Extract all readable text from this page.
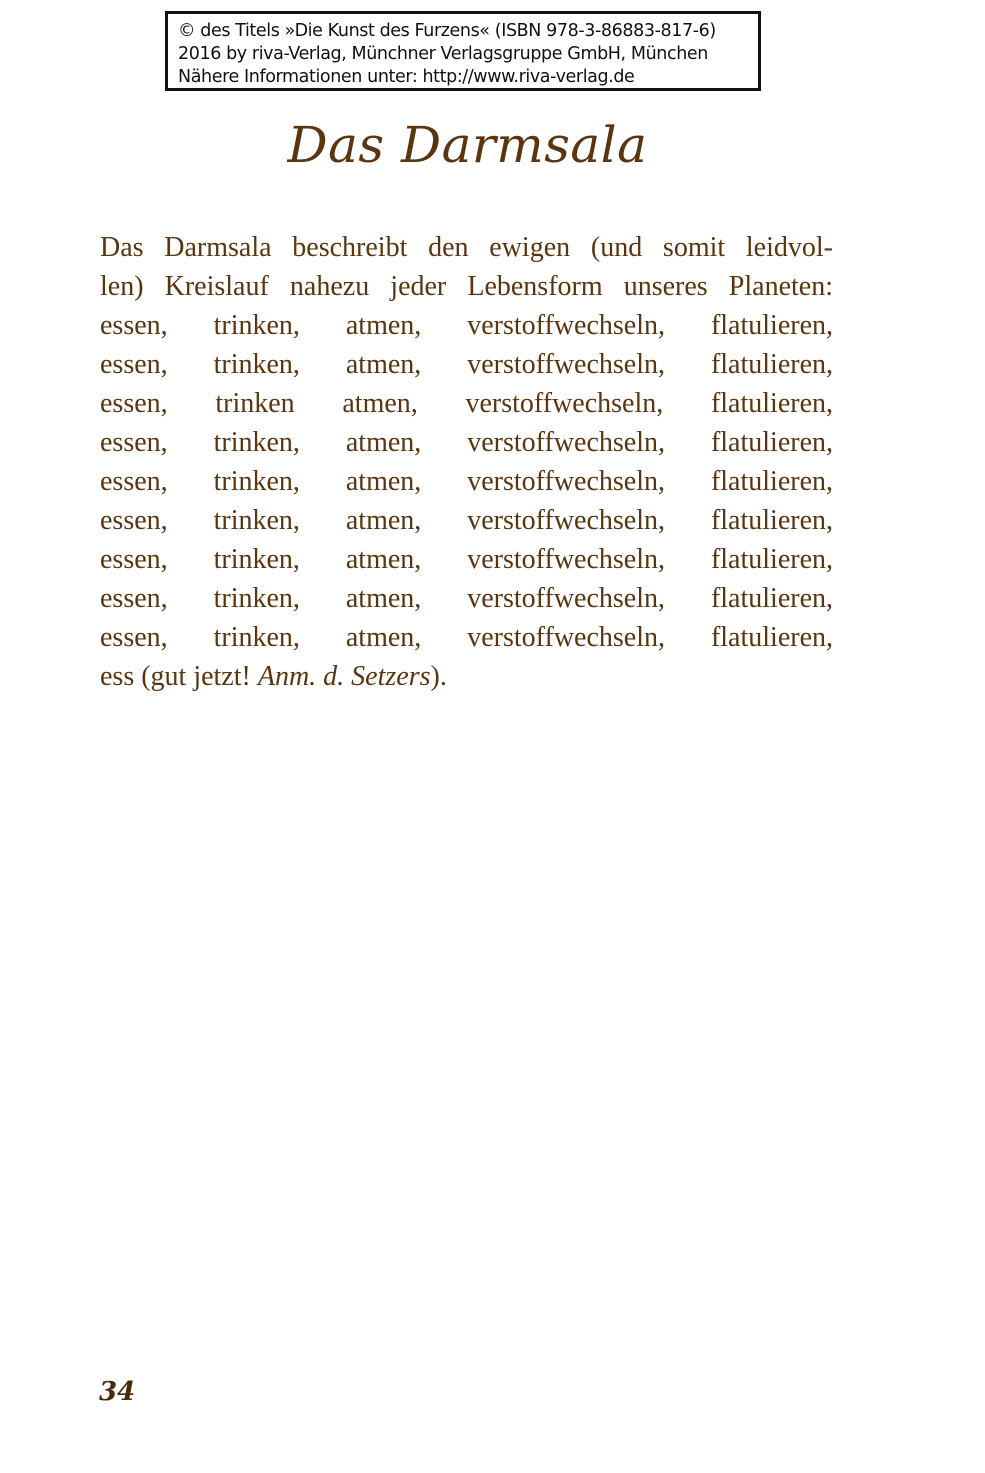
© des Titels »Die Kunst des Furzens« (ISBN 978-3-86883-817-6)
2016 by riva-Verlag, Münchner Verlagsgruppe GmbH, München
Nähere Informationen unter: http://www.riva-verlag.de
Das Darmsala
Das Darmsala beschreibt den ewigen (und somit leidvol-
len) Kreislauf nahezu jeder Lebensform unseres Planeten:
essen, trinken, atmen, verstoffwechseln, flatulieren,
essen, trinken, atmen, verstoffwechseln, flatulieren,
essen, trinken atmen, verstoffwechseln, flatulieren,
essen, trinken, atmen, verstoffwechseln, flatulieren,
essen, trinken, atmen, verstoffwechseln, flatulieren,
essen, trinken, atmen, verstoffwechseln, flatulieren,
essen, trinken, atmen, verstoffwechseln, flatulieren,
essen, trinken, atmen, verstoffwechseln, flatulieren,
essen, trinken, atmen, verstoffwechseln, flatulieren,
ess (gut jetzt! Anm. d. Setzers).
34
